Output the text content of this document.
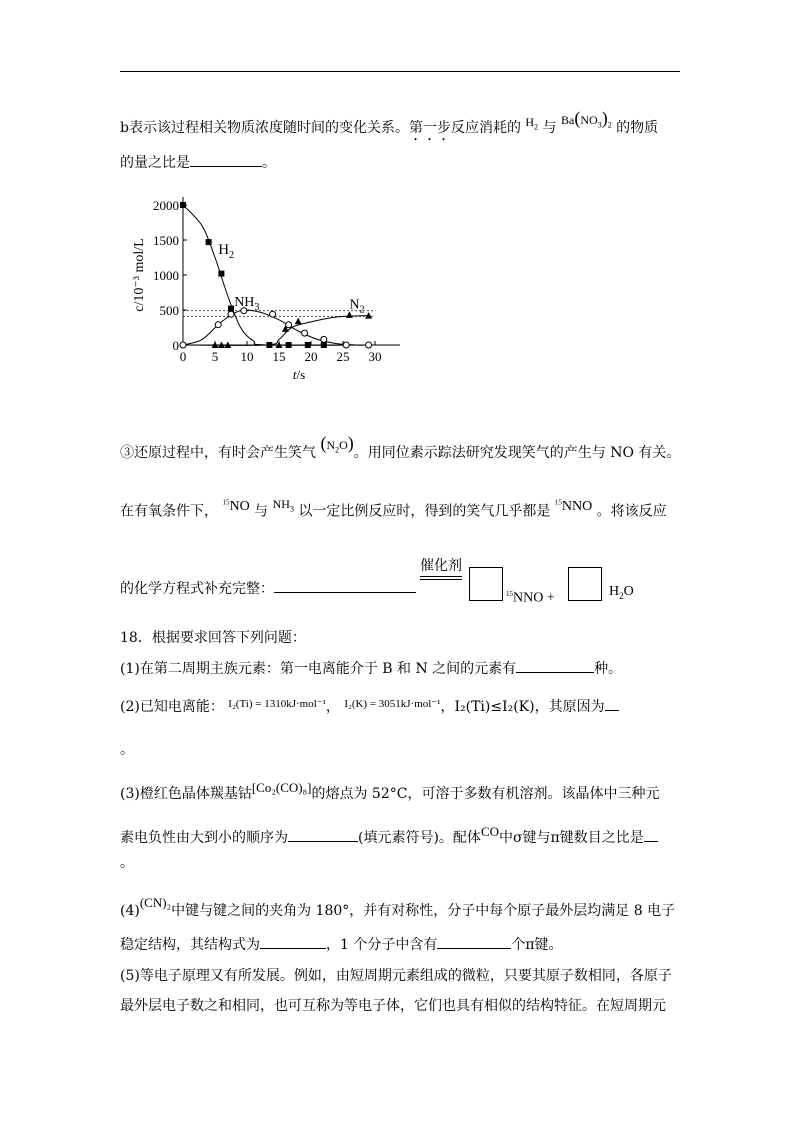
b表示该过程相关物质浓度随时间的变化关系。第一步反应消耗的 $H_2$ 与 $Ba(NO_3)_2$ 的物质
的量之比是	。
0 5 10 15 20 25 30
0
500
1000
1500
2000
t/s
c/10⁻³ mol/L	$H_2$
$NH_3$	$N_2$
③还原过程中，有时会产生笑气 $(N_2O)$。用同位素示踪法研究发现笑气的产生与 NO 有关。
在有氧条件下， $^{15}$NO 与 $NH_3$ 以一定比例反应时，得到的笑气几乎都是 $^{15}$NNO 。将该反应
的化学方程式补充完整：
催化剂
$^{15}$NNO +	$H_2O$
18．根据要求回答下列问题：
(1)在第二周期主族元素：第一电离能介于 B 和 N 之间的元素有	种。
(2)已知电离能： $^{I_2(Ti) = 1310kJ\cdot mol^{-1}}$， $^{I_2(K) = 3051kJ\cdot mol^{-1}}$，I₂(Ti)≤I₂(K)，其原因为
。
(3)橙红色晶体羰基钴[Co₂(CO)₈]的熔点为 52°C，可溶于多数有机溶剂。该晶体中三种元
素电负性由大到小的顺序为	(填元素符号)。配体CO中σ键与π键数目之比是
。
(4)(CN)₂中键与键之间的夹角为 180°，并有对称性，分子中每个原子最外层均满足 8 电子
稳定结构，其结构式为	，1 个分子中含有	个π键。
(5)等电子原理又有所发展。例如，由短周期元素组成的微粒，只要其原子数相同，各原子
最外层电子数之和相同，也可互称为等电子体，它们也具有相似的结构特征。在短周期元
